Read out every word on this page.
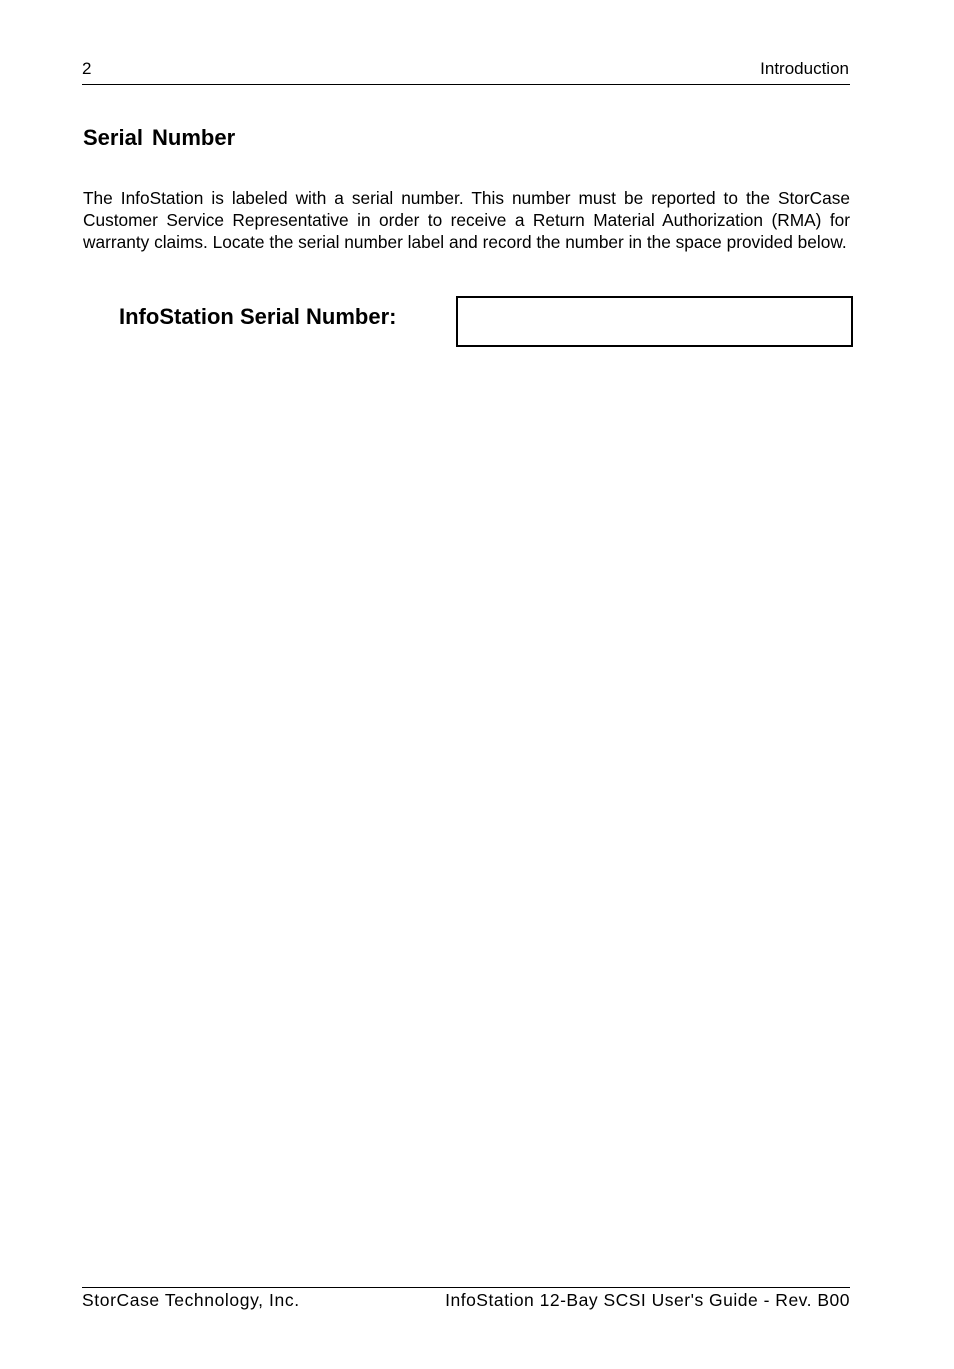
2	Introduction
Serial Number

The InfoStation is labeled with a serial number. This number must be reported to the StorCase Customer Service Representative in order to receive a Return Material Authorization (RMA) for warranty claims. Locate the serial number label and record the number in the space provided below.

InfoStation Serial Number:
StorCase Technology, Inc.	InfoStation 12-Bay SCSI User's Guide - Rev. B00
